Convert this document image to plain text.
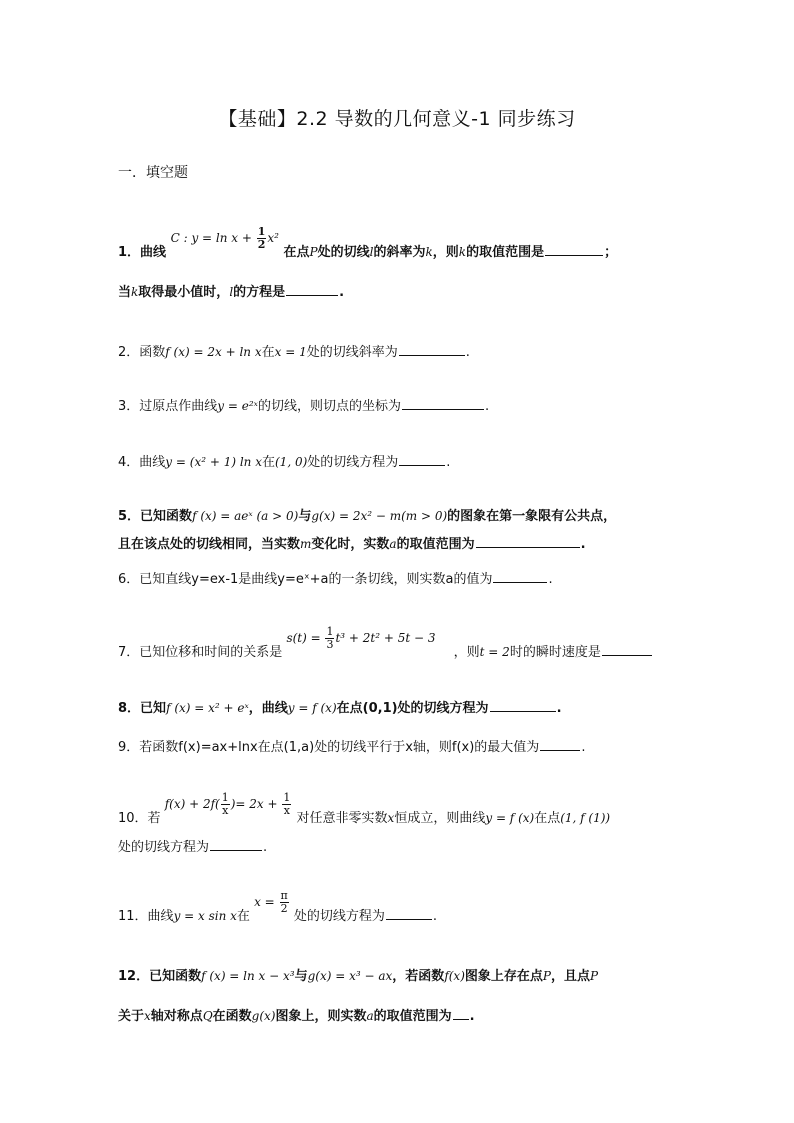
【基础】2.2 导数的几何意义-1 同步练习
一．填空题
1．曲线 C : $y = \ln x + \frac{1}{2} x^2$ 在点P处的切线l的斜率为k，则k的取值范围是	；
当k取得最小值时，l的方程是	.
2．函数f (x) = 2x + ln x在x = 1处的切线斜率为	.
3．过原点作曲线y = e²ˣ的切线，则切点的坐标为	.
4．曲线y = (x² + 1) ln x在(1, 0)处的切线方程为	.
5．已知函数f (x) = aeˣ (a > 0)与g(x) = 2x² − m(m > 0)的图象在第一象限有公共点，
且在该点处的切线相同，当实数m变化时，实数a的取值范围为	.
6．已知直线y=ex-1是曲线y=eˣ+a的一条切线，则实数a的值为	.
7．已知位移和时间的关系是 $s(t) = \frac{1}{3} t^3 + 2t^2 + 5t - 3$ ，则t = 2时的瞬时速度是
8．已知f (x) = x² + eˣ，曲线y = f (x)在点(0,1)处的切线方程为	.
9．若函数f(x)=ax+lnx在点(1,a)处的切线平行于x轴，则f(x)的最大值为	.
10．若 $f(x) + 2f( \frac{1}{x}$ )= $2x + \frac{1}{x}$
对任意非零实数x恒成立，则曲线y = f (x)在点(1, f (1))
处的切线方程为	.
11．曲线y = x sin x在 $x = \frac{\pi}{2}$
处的切线方程为	.
12．已知函数f (x) = ln x − x³与g(x) = x³ − ax，若函数f(x)图象上存在点P，且点P
关于x轴对称点Q在函数g(x)图象上，则实数a的取值范围为 .
